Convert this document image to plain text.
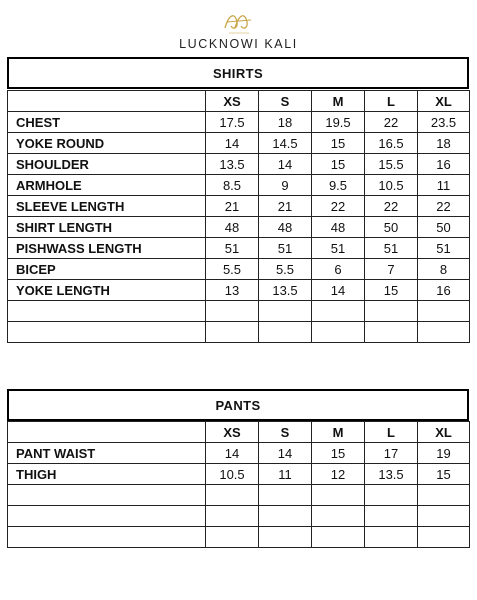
LUCKNOWI KALI
SHIRTS
	XS	S	M	L	XL
CHEST	17.5	18	19.5	22	23.5
YOKE ROUND	14	14.5	15	16.5	18
SHOULDER	13.5	14	15	15.5	16
ARMHOLE	8.5	9	9.5	10.5	11
SLEEVE LENGTH	21	21	22	22	22
SHIRT LENGTH	48	48	48	50	50
PISHWASS LENGTH	51	51	51	51	51
BICEP	5.5	5.5	6	7	8
YOKE LENGTH	13	13.5	14	15	16

PANTS
	XS	S	M	L	XL
PANT WAIST	14	14	15	17	19
THIGH	10.5	11	12	13.5	15
